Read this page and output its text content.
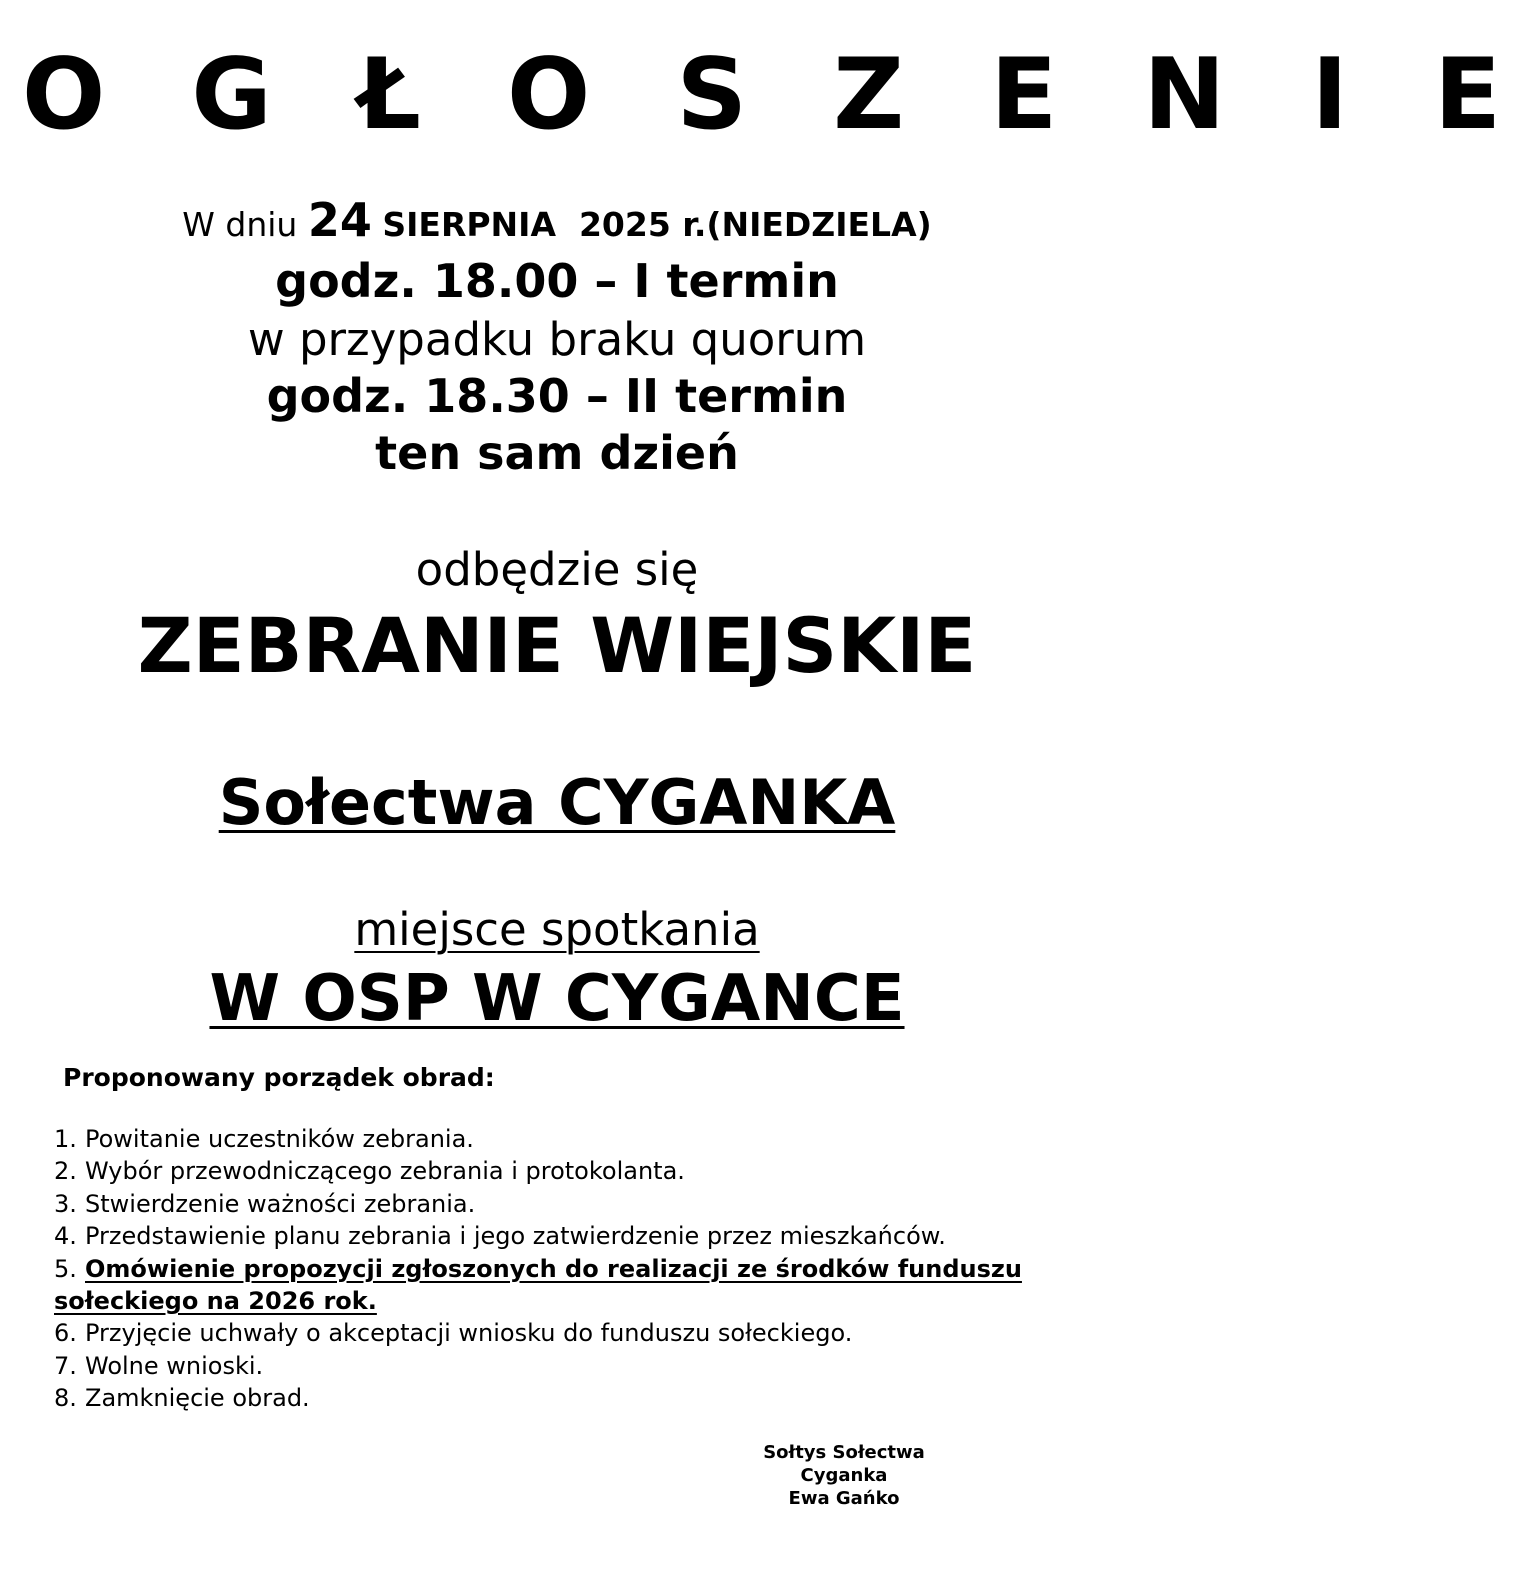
O G Ł O S Z E N I E
W dniu 24 SIERPNIA  2025 r.(NIEDZIELA)
godz. 18.00 – I termin
w przypadku braku quorum
godz. 18.30 – II termin
ten sam dzień
odbędzie się
ZEBRANIE WIEJSKIE
Sołectwa CYGANKA
miejsce spotkania
W OSP W CYGANCE
Proponowany porządek obrad:
1. Powitanie uczestników zebrania.
2. Wybór przewodniczącego zebrania i protokolanta.
3. Stwierdzenie ważności zebrania.
4. Przedstawienie planu zebrania i jego zatwierdzenie przez mieszkańców.
5. Omówienie propozycji zgłoszonych do realizacji ze środków funduszu sołeckiego na 2026 rok.
6. Przyjęcie uchwały o akceptacji wniosku do funduszu sołeckiego.
7. Wolne wnioski.
8. Zamknięcie obrad.
Sołtys Sołectwa
Cyganka
Ewa Gańko
